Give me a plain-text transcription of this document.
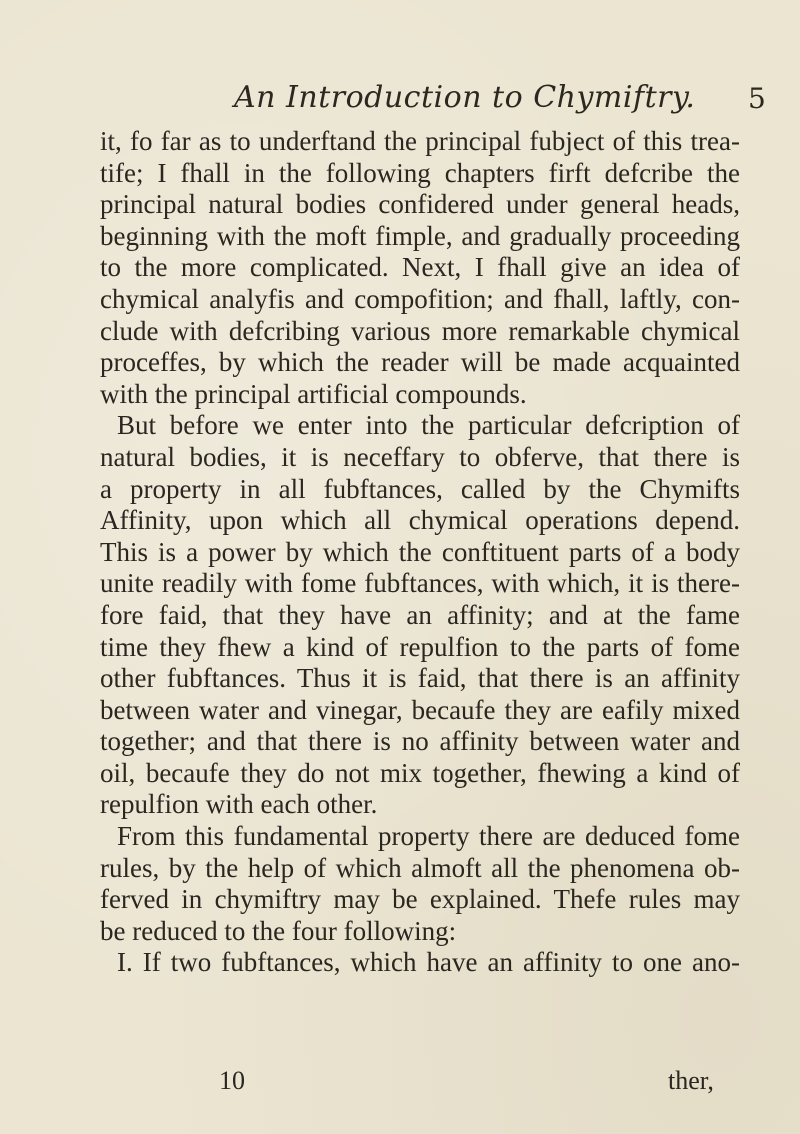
An Introduction to Chymiftry. 5
it, fo far as to underftand the principal fubject of this trea-
tife; I fhall in the following chapters firft defcribe the
principal natural bodies confidered under general heads,
beginning with the moft fimple, and gradually proceeding
to the more complicated. Next, I fhall give an idea of
chymical analyfis and compofition; and fhall, laftly, con-
clude with defcribing various more remarkable chymical
proceffes, by which the reader will be made acquainted
with the principal artificial compounds.
But before we enter into the particular defcription of
natural bodies, it is neceffary to obferve, that there is
a property in all fubftances, called by the Chymifts
Affinity, upon which all chymical operations depend.
This is a power by which the conftituent parts of a body
unite readily with fome fubftances, with which, it is there-
fore faid, that they have an affinity; and at the fame
time they fhew a kind of repulfion to the parts of fome
other fubftances. Thus it is faid, that there is an affinity
between water and vinegar, becaufe they are eafily mixed
together; and that there is no affinity between water and
oil, becaufe they do not mix together, fhewing a kind of
repulfion with each other.
From this fundamental property there are deduced fome
rules, by the help of which almoft all the phenomena ob-
ferved in chymiftry may be explained. Thefe rules may
be reduced to the four following:
I. If two fubftances, which have an affinity to one ano-
10	ther,
